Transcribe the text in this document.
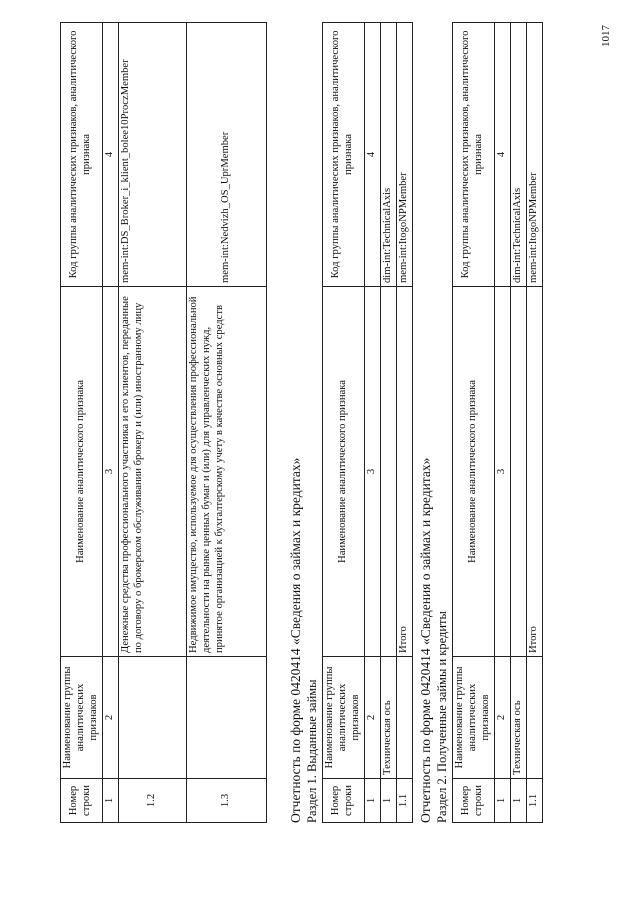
1017
Номер строки	Наименование группы аналитических признаков	Наименование аналитического признака	Код группы аналитических признаков, аналитического признака
1	2	3	4
1.2		Денежные средства профессионального участника и его клиентов, переданные по договору о брокерском обслуживании брокеру и (или) иностранному лицу	mem-int:DS_Broker_i_klient_bolee10ProczMember
1.3		Недвижимое имущество, используемое для осуществления профессиональной деятельности на рынке ценных бумаг и (или) для управленческих нужд, принятое организацией к бухгалтерскому учету в качестве основных средств	mem-int:Nedvizh_OS_UprMember
Отчетность по форме 0420414 «Сведения о займах и кредитах» Раздел 1. Выданные займы Номер строки	Наименование группы аналитических признаков	Наименование аналитического признака	Код группы аналитических признаков, аналитического признака
1	2	3	4
1	Техническая ось		dim-int:TechnicalAxis
1.1		Итого	mem-int:ItogoNPMember
Отчетность по форме 0420414 «Сведения о займах и кредитах» Раздел 2. Полученные займы и кредиты Номер строки	Наименование группы аналитических признаков	Наименование аналитического признака	Код группы аналитических признаков, аналитического признака
1	2	3	4
1	Техническая ось		dim-int:TechnicalAxis
1.1		Итого	mem-int:ItogoNPMember
